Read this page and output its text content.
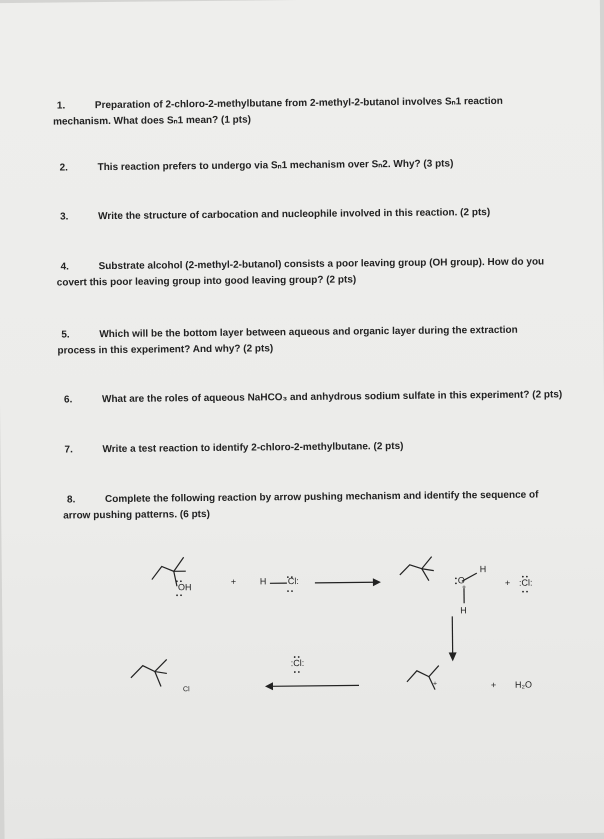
1.	Preparation of 2-chloro-2-methylbutane from 2-methyl-2-butanol involves Sₙ1 reaction
mechanism. What does Sₙ1 mean? (1 pts)
2.	This reaction prefers to undergo via Sₙ1 mechanism over Sₙ2. Why? (3 pts)
3.	Write the structure of carbocation and nucleophile involved in this reaction. (2 pts)
4.	Substrate alcohol (2-methyl-2-butanol) consists a poor leaving group (OH group). How do you
covert this poor leaving group into good leaving group? (2 pts)
5.	Which will be the bottom layer between aqueous and organic layer during the extraction
process in this experiment? And why? (2 pts)
6.	What are the roles of aqueous NaHCO₃ and anhydrous sodium sulfate in this experiment? (2 pts)
7.	Write a test reaction to identify 2-chloro-2-methylbutane. (2 pts)
8.	Complete the following reaction by arrow pushing mechanism and identify the sequence of
arrow pushing patterns. (6 pts)
OH
+	H Cl:	O
+
H
H
+ :Cl:
:Cl:
+	+ H₂O
Cl
